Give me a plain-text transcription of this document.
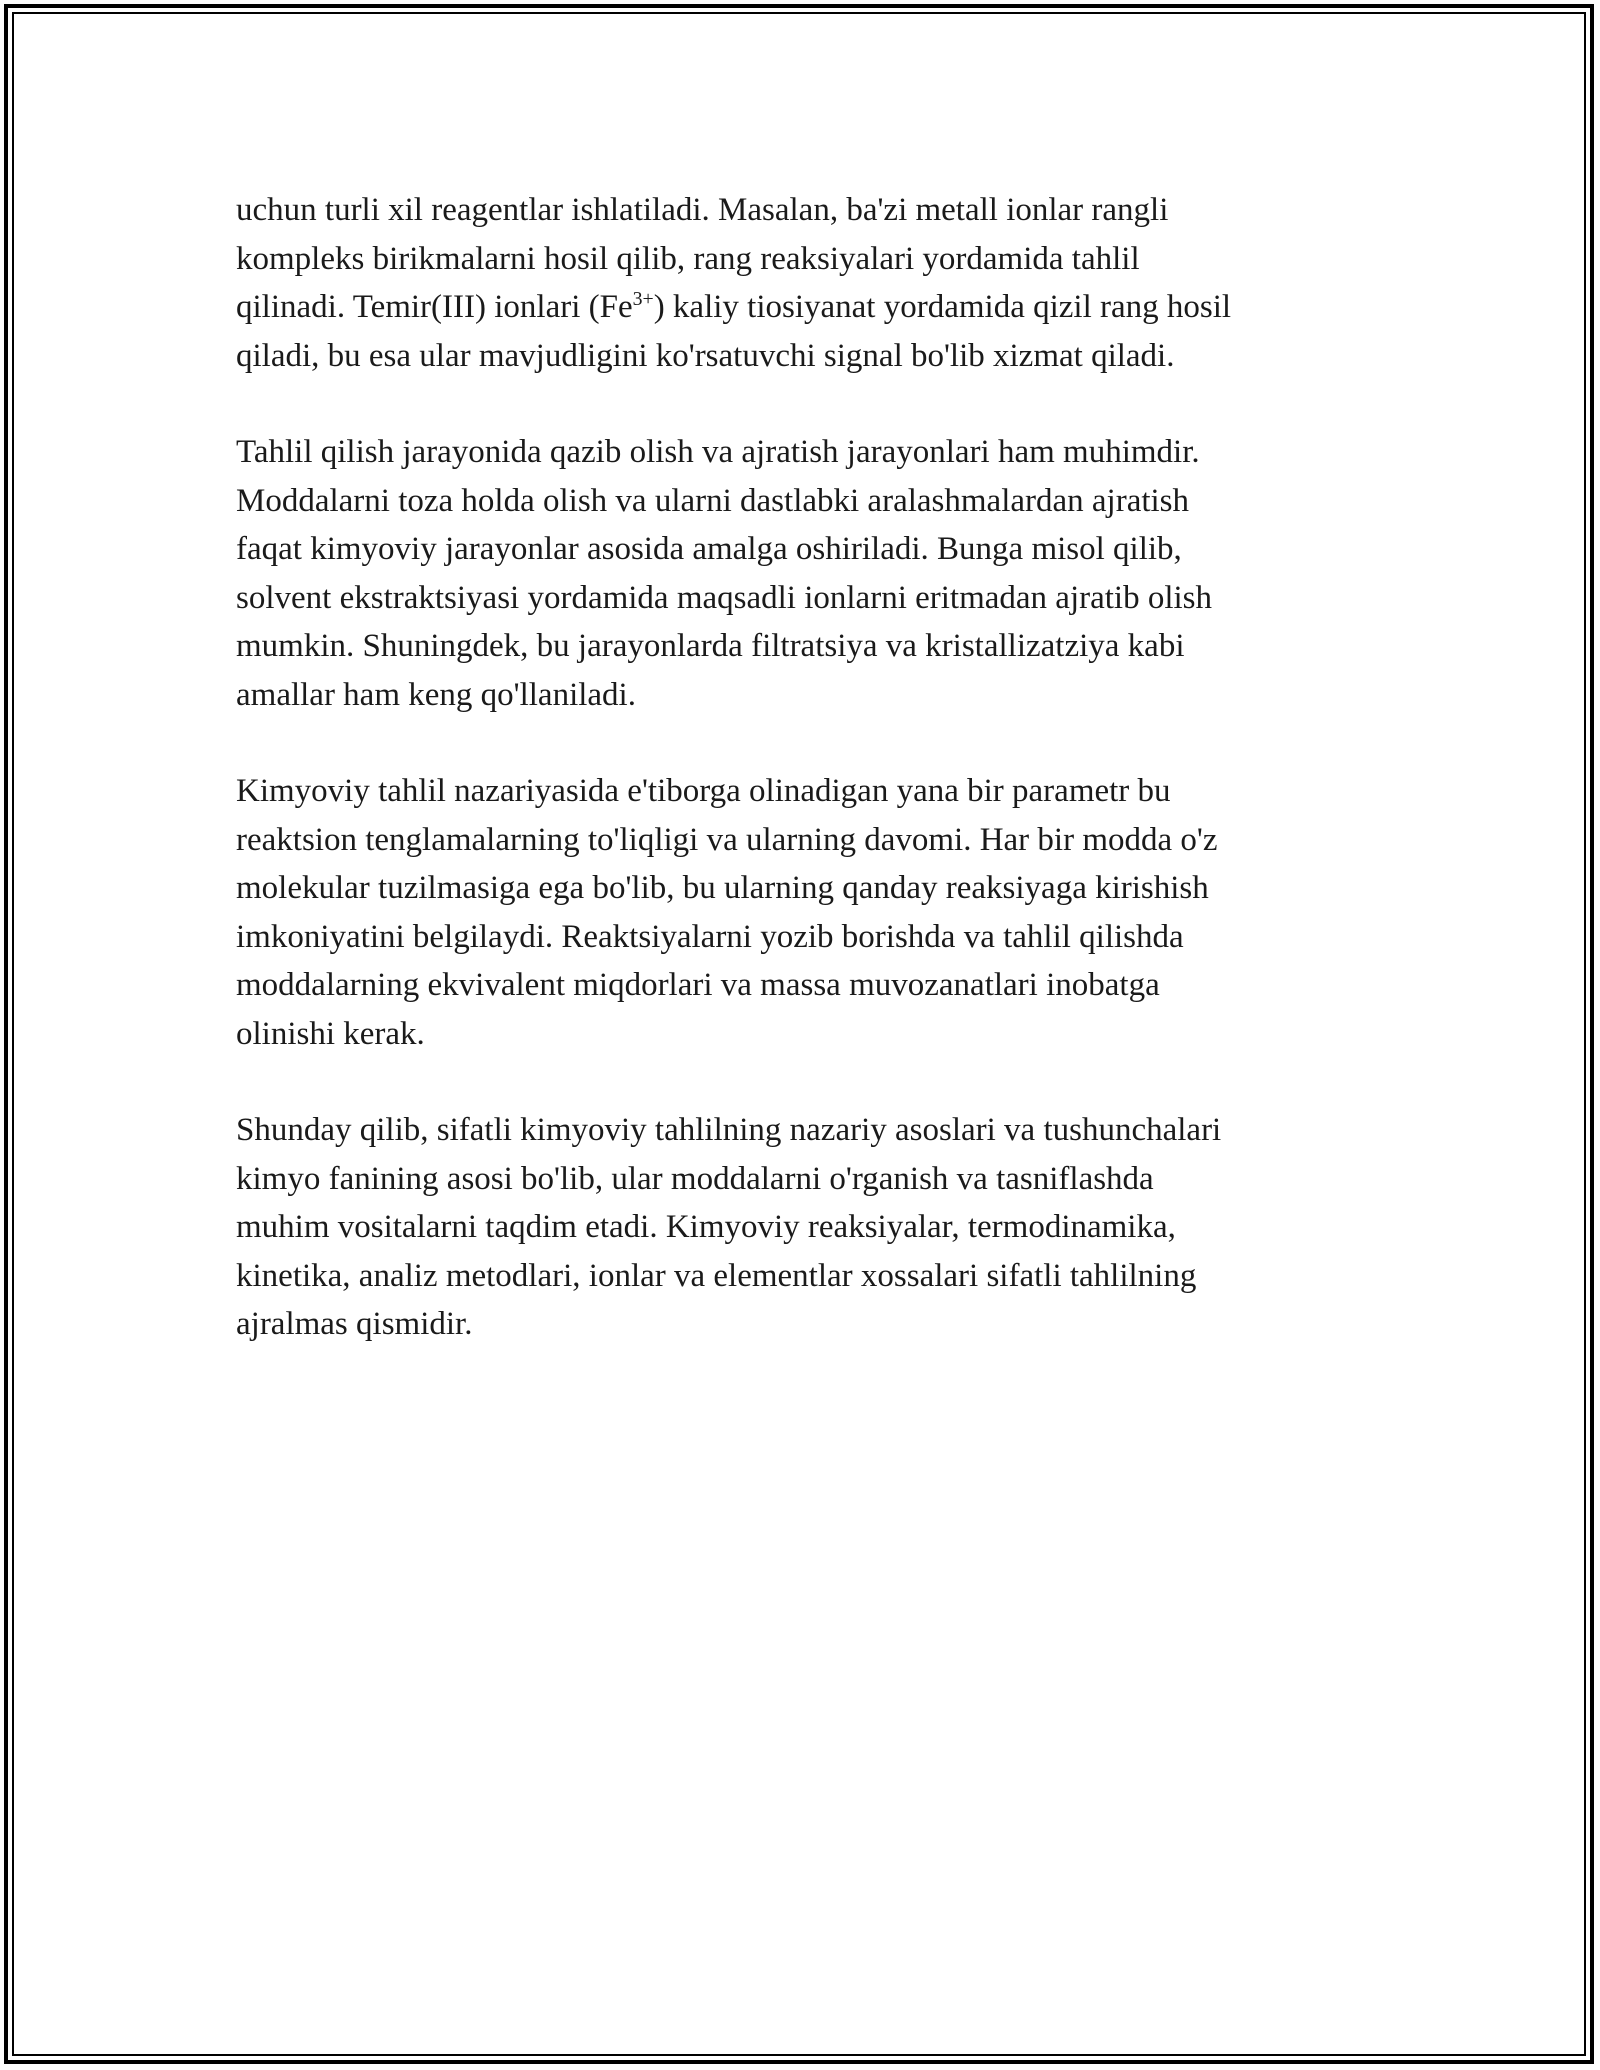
uchun turli xil reagentlar ishlatiladi. Masalan, ba'zi metall ionlar rangli
kompleks birikmalarni hosil qilib, rang reaksiyalari yordamida tahlil
qilinadi. Temir(III) ionlari $(Fe^{3+})$ kaliy tiosiyanat yordamida qizil rang hosil
qiladi, bu esa ular mavjudligini ko'rsatuvchi signal bo'lib xizmat qiladi.
Tahlil qilish jarayonida qazib olish va ajratish jarayonlari ham muhimdir.
Moddalarni toza holda olish va ularni dastlabki aralashmalardan ajratish
faqat kimyoviy jarayonlar asosida amalga oshiriladi. Bunga misol qilib,
solvent ekstraktsiyasi yordamida maqsadli ionlarni eritmadan ajratib olish
mumkin. Shuningdek, bu jarayonlarda filtratsiya va kristallizatziya kabi
amallar ham keng qo'llaniladi.
Kimyoviy tahlil nazariyasida e'tiborga olinadigan yana bir parametr bu
reaktsion tenglamalarning to'liqligi va ularning davomi. Har bir modda o'z
molekular tuzilmasiga ega bo'lib, bu ularning qanday reaksiyaga kirishish
imkoniyatini belgilaydi. Reaktsiyalarni yozib borishda va tahlil qilishda
moddalarning ekvivalent miqdorlari va massa muvozanatlari inobatga
olinishi kerak.
Shunday qilib, sifatli kimyoviy tahlilning nazariy asoslari va tushunchalari
kimyo fanining asosi bo'lib, ular moddalarni o'rganish va tasniflashda
muhim vositalarni taqdim etadi. Kimyoviy reaksiyalar, termodinamika,
kinetika, analiz metodlari, ionlar va elementlar xossalari sifatli tahlilning
ajralmas qismidir.
